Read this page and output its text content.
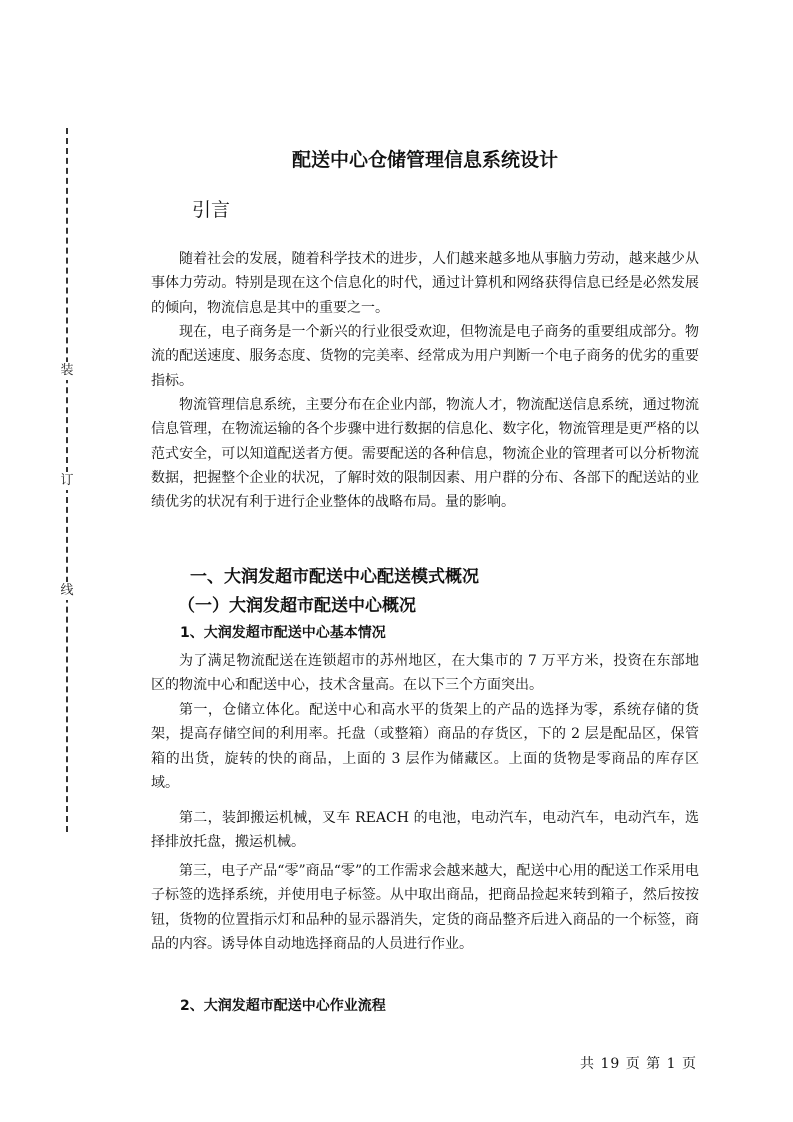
装
订
线
配送中心仓储管理信息系统设计
引言

随着社会的发展，随着科学技术的进步，人们越来越多地从事脑力劳动，越来越少从事体力劳动。特别是现在这个信息化的时代，通过计算机和网络获得信息已经是必然发展的倾向，物流信息是其中的重要之一。

现在，电子商务是一个新兴的行业很受欢迎，但物流是电子商务的重要组成部分。物流的配送速度、服务态度、货物的完美率、经常成为用户判断一个电子商务的优劣的重要指标。

物流管理信息系统，主要分布在企业内部，物流人才，物流配送信息系统，通过物流信息管理，在物流运输的各个步骤中进行数据的信息化、数字化，物流管理是更严格的以范式安全，可以知道配送者方便。需要配送的各种信息，物流企业的管理者可以分析物流数据，把握整个企业的状况，了解时效的限制因素、用户群的分布、各部下的配送站的业绩优劣的状况有利于进行企业整体的战略布局。量的影响。

一、大润发超市配送中心配送模式概况
（一）大润发超市配送中心概况
1、大润发超市配送中心基本情况

为了满足物流配送在连锁超市的苏州地区，在大集市的 7 万平方米，投资在东部地区的物流中心和配送中心，技术含量高。在以下三个方面突出。

第一，仓储立体化。配送中心和高水平的货架上的产品的选择为零，系统存储的货架，提高存储空间的利用率。托盘（或整箱）商品的存货区，下的 2 层是配品区，保管箱的出货，旋转的快的商品，上面的 3 层作为储藏区。上面的货物是零商品的库存区域。

第二，装卸搬运机械，叉车 REACH 的电池，电动汽车，电动汽车，电动汽车，选择排放托盘，搬运机械。

第三，电子产品“零”商品“零”的工作需求会越来越大，配送中心用的配送工作采用电子标签的选择系统，并使用电子标签。从中取出商品，把商品捡起来转到箱子，然后按按钮，货物的位置指示灯和品种的显示器消失，定货的商品整齐后进入商品的一个标签，商品的内容。诱导体自动地选择商品的人员进行作业。

2、大润发超市配送中心作业流程
共 19 页 第 1 页
